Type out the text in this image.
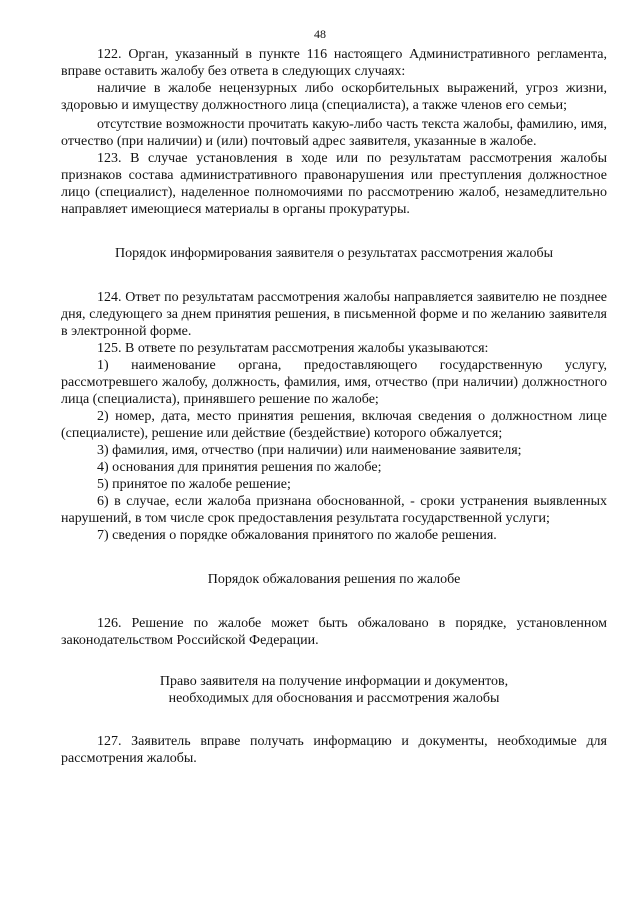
48

122. Орган, указанный в пункте 116 настоящего Административного регламента, вправе оставить жалобу без ответа в следующих случаях:

наличие в жалобе нецензурных либо оскорбительных выражений, угроз жизни, здоровью и имуществу должностного лица (специалиста), а также членов его семьи;

отсутствие возможности прочитать какую-либо часть текста жалобы, фамилию, имя, отчество (при наличии) и (или) почтовый адрес заявителя, указанные в жалобе.

123. В случае установления в ходе или по результатам рассмотрения жалобы признаков состава административного правонарушения или преступления должностное лицо (специалист), наделенное полномочиями по рассмотрению жалоб, незамедлительно направляет имеющиеся материалы в органы прокуратуры.

Порядок информирования заявителя о результатах рассмотрения жалобы

124. Ответ по результатам рассмотрения жалобы направляется заявителю не позднее дня, следующего за днем принятия решения, в письменной форме и по желанию заявителя в электронной форме.

125. В ответе по результатам рассмотрения жалобы указываются:

1) наименование органа, предоставляющего государственную услугу, рассмотревшего жалобу, должность, фамилия, имя, отчество (при наличии) должностного лица (специалиста), принявшего решение по жалобе;

2) номер, дата, место принятия решения, включая сведения о должностном лице (специалисте), решение или действие (бездействие) которого обжалуется;

3) фамилия, имя, отчество (при наличии) или наименование заявителя;

4) основания для принятия решения по жалобе;

5) принятое по жалобе решение;

6) в случае, если жалоба признана обоснованной, - сроки устранения выявленных нарушений, в том числе срок предоставления результата государственной услуги;

7) сведения о порядке обжалования принятого по жалобе решения.

Порядок обжалования решения по жалобе

126. Решение по жалобе может быть обжаловано в порядке, установленном законодательством Российской Федерации.

Право заявителя на получение информации и документов,
необходимых для обоснования и рассмотрения жалобы

127. Заявитель вправе получать информацию и документы, необходимые для рассмотрения жалобы.
